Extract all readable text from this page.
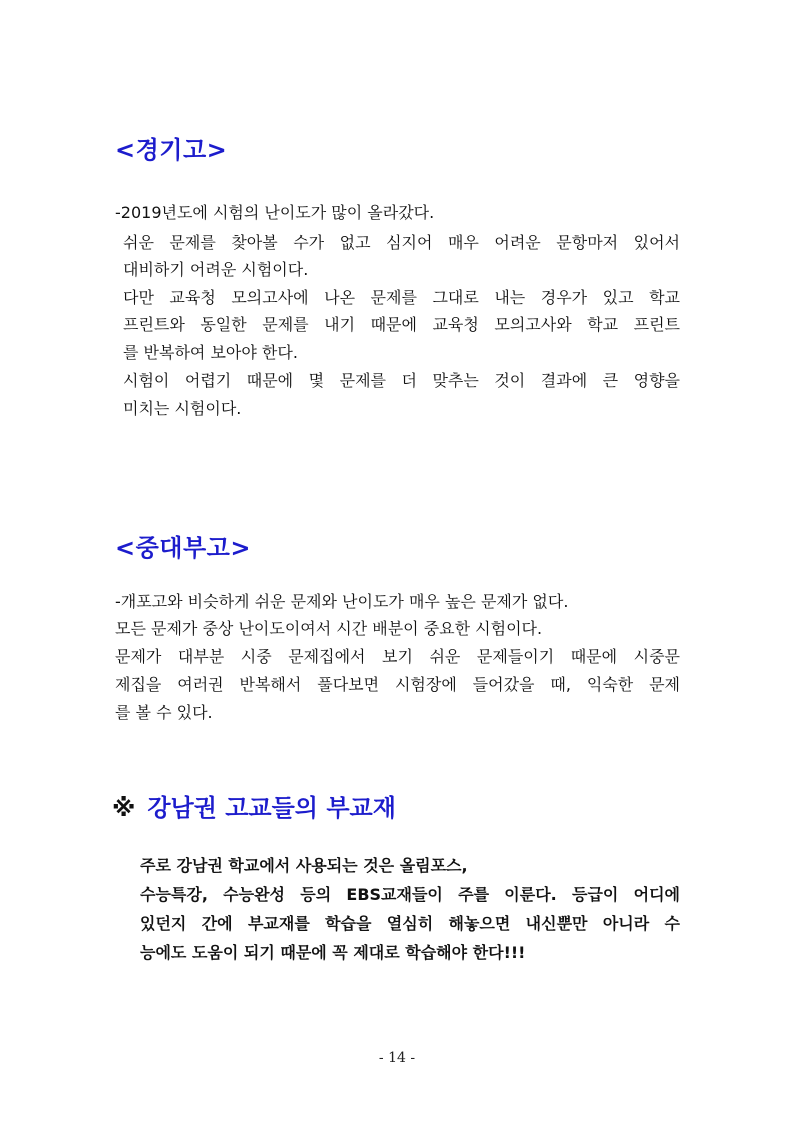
<경기고>

-2019년도에 시험의 난이도가 많이 올라갔다.

쉬운 문제를 찾아볼 수가 없고 심지어 매우 어려운 문항마저 있어서

대비하기 어려운 시험이다.

다만 교육청 모의고사에 나온 문제를 그대로 내는 경우가 있고 학교

프린트와 동일한 문제를 내기 때문에 교육청 모의고사와 학교 프린트

를 반복하여 보아야 한다.

시험이 어렵기 때문에 몇 문제를 더 맞추는 것이 결과에 큰 영향을

미치는 시험이다.

<중대부고>

-개포고와 비슷하게 쉬운 문제와 난이도가 매우 높은 문제가 없다.

모든 문제가 중상 난이도이여서 시간 배분이 중요한 시험이다.

문제가 대부분 시중 문제집에서 보기 쉬운 문제들이기 때문에 시중문

제집을 여러권 반복해서 풀다보면 시험장에 들어갔을 때, 익숙한 문제

를 볼 수 있다.

※ 강남권 고교들의 부교재

주로 강남권 학교에서 사용되는 것은 올림포스,

수능특강, 수능완성 등의 EBS교재들이 주를 이룬다. 등급이 어디에

있던지 간에 부교재를 학습을 열심히 해놓으면 내신뿐만 아니라 수

능에도 도움이 되기 때문에 꼭 제대로 학습해야 한다!!!

- 14 -
